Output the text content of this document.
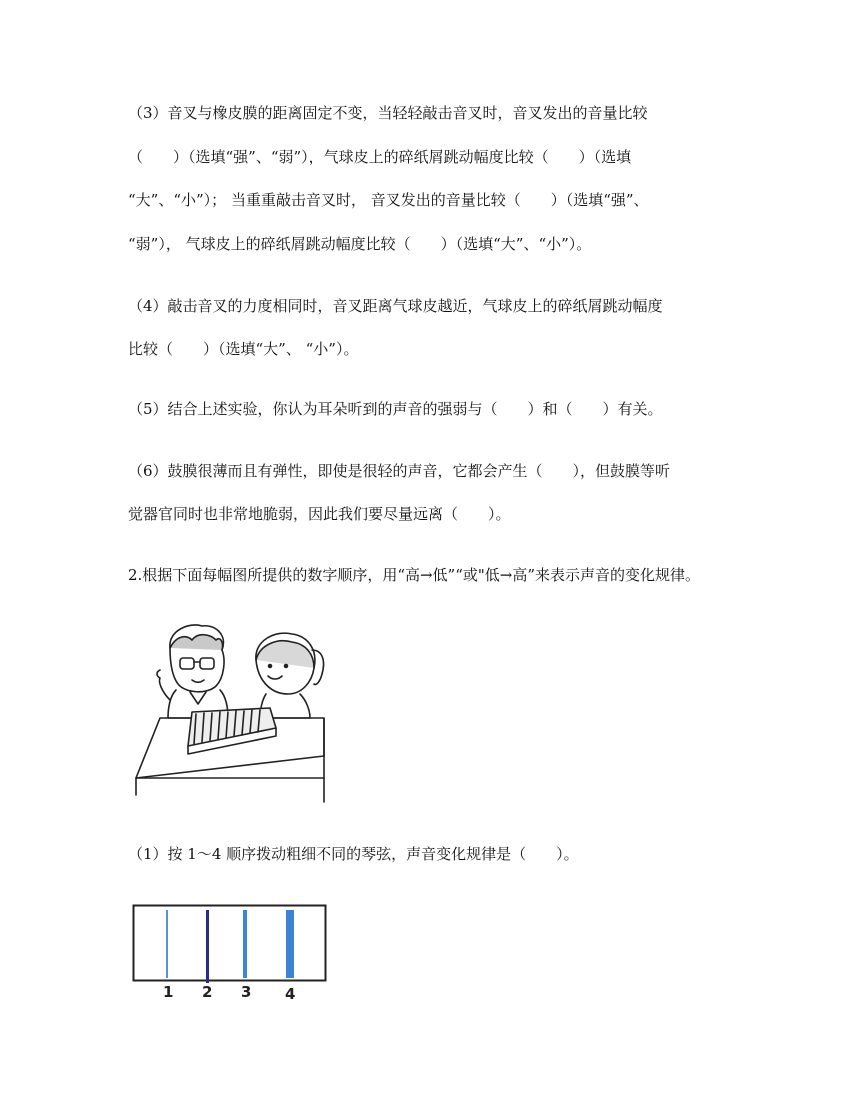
（3）音叉与橡皮膜的距离固定不变，当轻轻敲击音叉时，音叉发出的音量比较
（　　）（选填“强”、“弱”），气球皮上的碎纸屑跳动幅度比较（　　）（选填
“大”、“小”）； 当重重敲击音叉时， 音叉发出的音量比较（　　）（选填“强”、
“弱”）， 气球皮上的碎纸屑跳动幅度比较（　　）（选填“大”、“小”）。
（4）敲击音叉的力度相同时，音叉距离气球皮越近，气球皮上的碎纸屑跳动幅度
比较（　　）（选填“大”、 “小”）。
（5）结合上述实验，你认为耳朵听到的声音的强弱与（　　）和（　　）有关。
（6）鼓膜很薄而且有弹性，即使是很轻的声音，它都会产生（　　），但鼓膜等听
觉器官同时也非常地脆弱，因此我们要尽量远离（　　）。
2.根据下面每幅图所提供的数字顺序，用“高→低”“或"低→高”来表示声音的变化规律。
（1）按 1～4 顺序拨动粗细不同的琴弦，声音变化规律是（　　）。
1 2 3 4
